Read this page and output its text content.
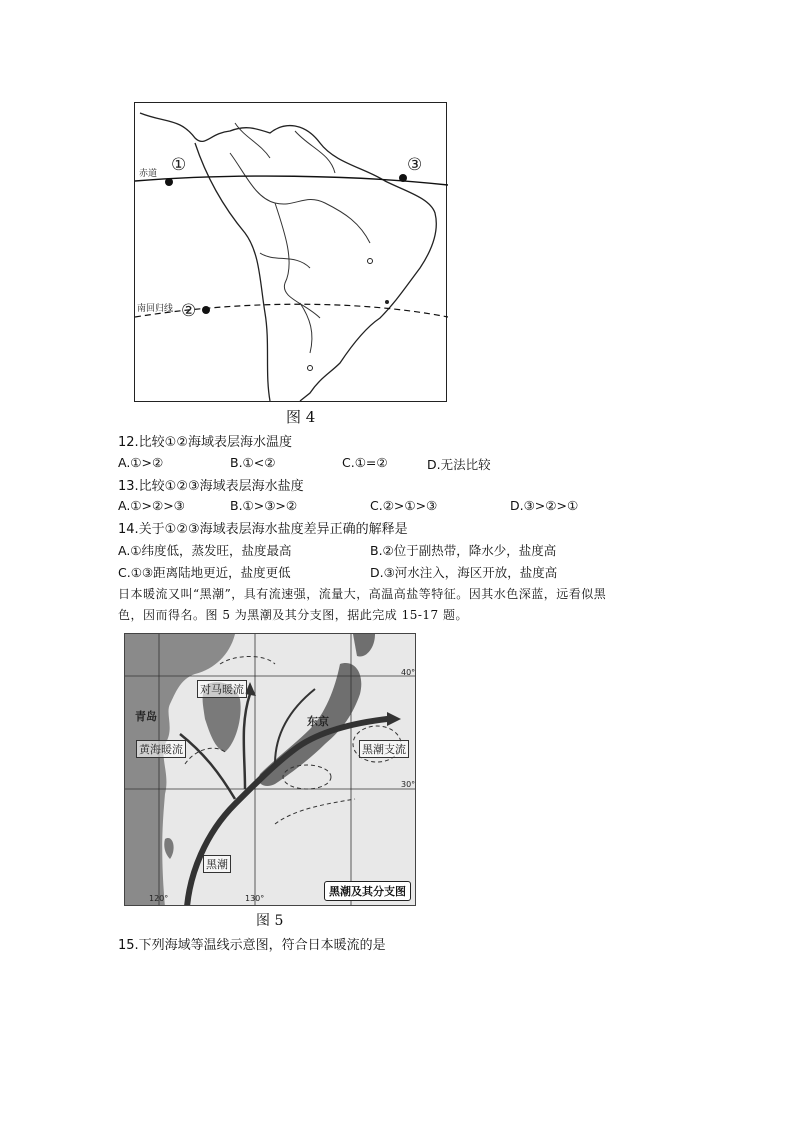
赤道 ①	③
南回归线 ②
图 4
12.比较①②海域表层海水温度
A.①>②	B.①<②	C.①=②	D.无法比较
13.比较①②③海域表层海水盐度
A.①>②>③	B.①>③>②	C.②>①>③	D.③>②>①
14.关于①②③海域表层海水盐度差异正确的解释是
A.①纬度低，蒸发旺，盐度最高	B.②位于副热带，降水少，盐度高
C.①③距离陆地更近，盐度更低	D.③河水注入，海区开放，盐度高
日本暖流又叫“黑潮”，具有流速强，流量大，高温高盐等特征。因其水色深蓝，远看似黑
色，因而得名。图 5 为黑潮及其分支图，据此完成 15-17 题。
青岛
对马暖流
东京
黄海暖流	黑潮支流
黑潮
40°
30°
120°	130°
黑潮及其分支图
图 5
15.下列海域等温线示意图，符合日本暖流的是
